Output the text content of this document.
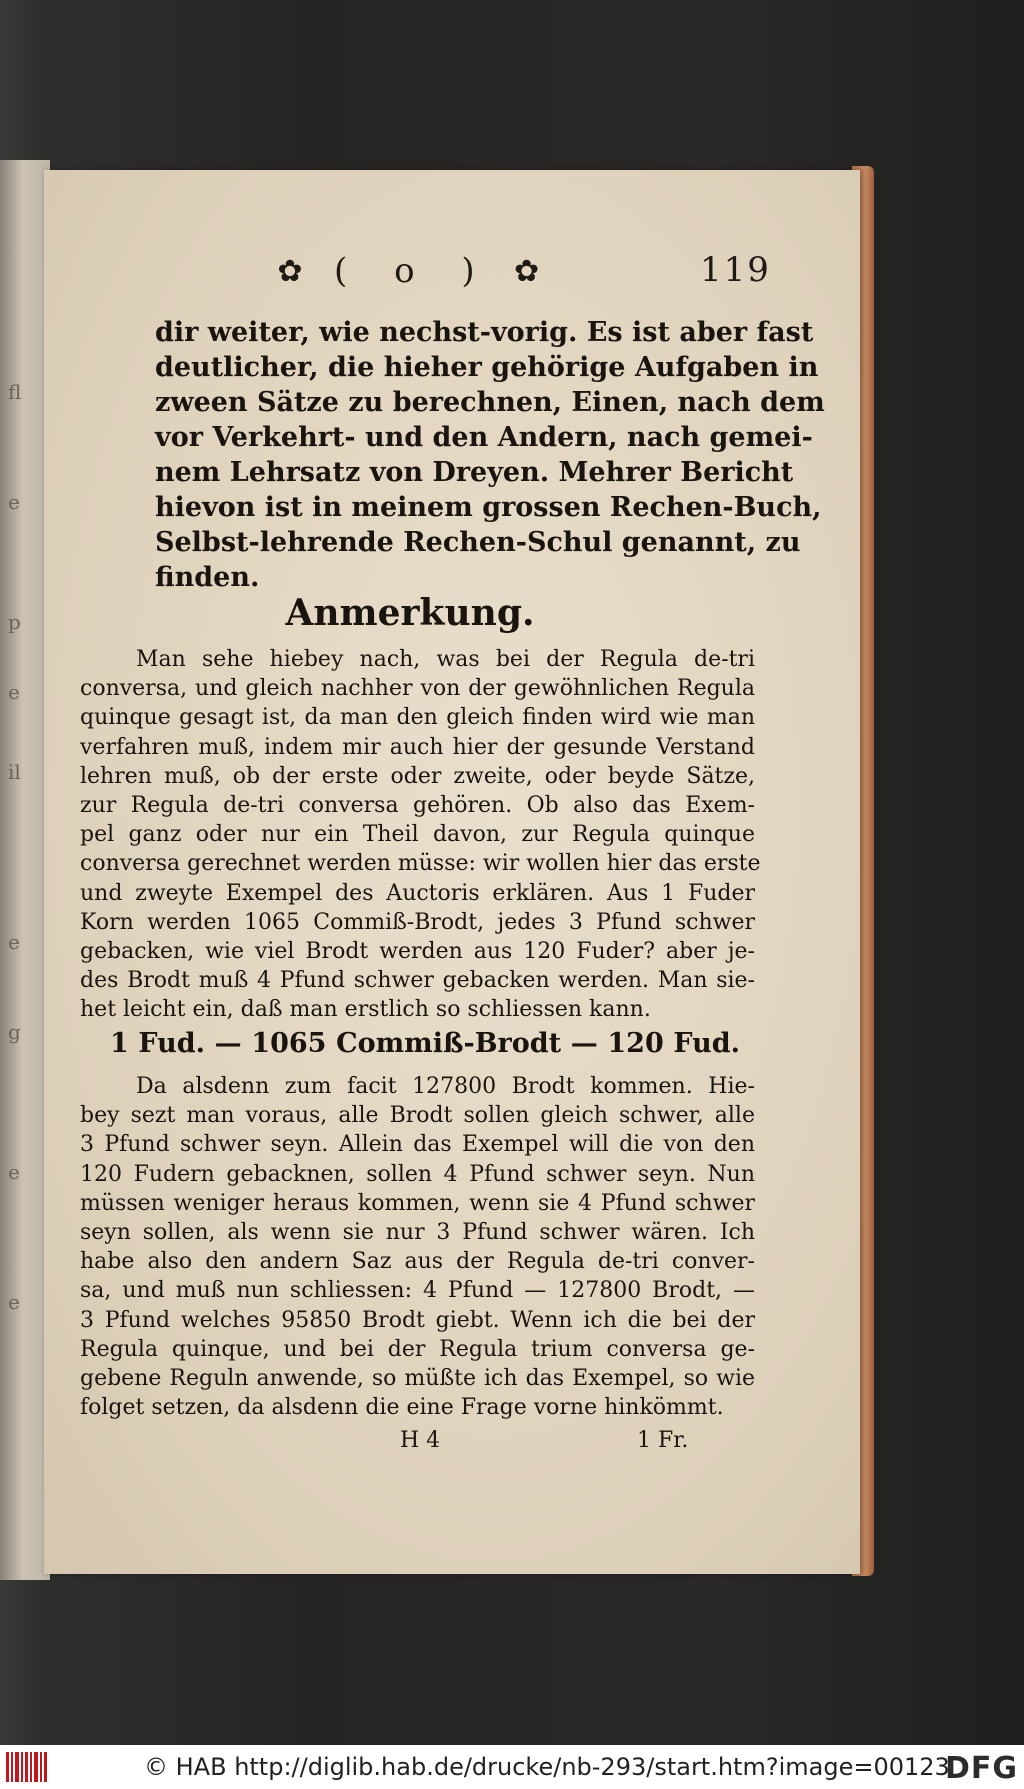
fl
e
p
e
il
e
g
e
e
✿ ( o ) ✿	119
dir weiter, wie nechst-vorig. Es ist aber fast
deutlicher, die hieher gehörige Aufgaben in
zween Sätze zu berechnen, Einen, nach dem
vor Verkehrt- und den Andern, nach gemei-
nem Lehrsatz von Dreyen. Mehrer Bericht
hievon ist in meinem grossen Rechen-Buch,
Selbst-lehrende Rechen-Schul genannt, zu
finden.
Anmerkung.
Man sehe hiebey nach, was bei der Regula de-tri
conversa, und gleich nachher von der gewöhnlichen Regula
quinque gesagt ist, da man den gleich finden wird wie man
verfahren muß, indem mir auch hier der gesunde Verstand
lehren muß, ob der erste oder zweite, oder beyde Sätze,
zur Regula de-tri conversa gehören. Ob also das Exem-
pel ganz oder nur ein Theil davon, zur Regula quinque
conversa gerechnet werden müsse: wir wollen hier das erste
und zweyte Exempel des Auctoris erklären. Aus 1 Fuder
Korn werden 1065 Commiß-Brodt, jedes 3 Pfund schwer
gebacken, wie viel Brodt werden aus 120 Fuder? aber je-
des Brodt muß 4 Pfund schwer gebacken werden. Man sie-
het leicht ein, daß man erstlich so schliessen kann.
1 Fud. — 1065 Commiß-Brodt — 120 Fud.
Da alsdenn zum facit 127800 Brodt kommen. Hie-
bey sezt man voraus, alle Brodt sollen gleich schwer, alle
3 Pfund schwer seyn. Allein das Exempel will die von den
120 Fudern gebacknen, sollen 4 Pfund schwer seyn. Nun
müssen weniger heraus kommen, wenn sie 4 Pfund schwer
seyn sollen, als wenn sie nur 3 Pfund schwer wären. Ich
habe also den andern Saz aus der Regula de-tri conver-
sa, und muß nun schliessen: 4 Pfund — 127800 Brodt, —
3 Pfund welches 95850 Brodt giebt. Wenn ich die bei der
Regula quinque, und bei der Regula trium conversa ge-
gebene Reguln anwende, so müßte ich das Exempel, so wie
folget setzen, da alsdenn die eine Frage vorne hinkömmt.
H 4	1 Fr.
© HAB http://diglib.hab.de/drucke/nb-293/start.htm?image=00123
DFG
